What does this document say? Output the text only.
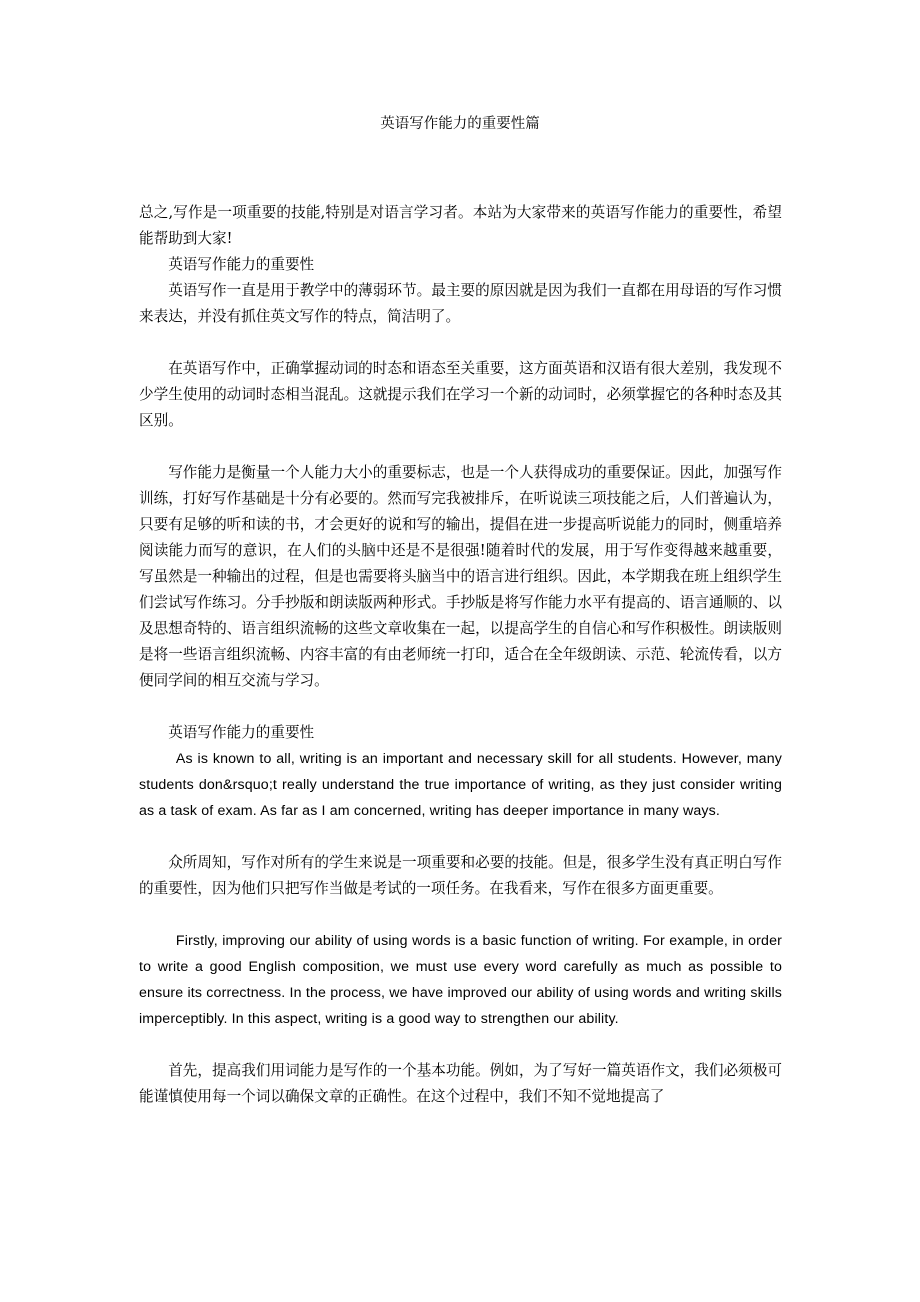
英语写作能力的重要性篇

总之,写作是一项重要的技能,特别是对语言学习者。本站为大家带来的英语写作能力的重要性，希望能帮助到大家!

英语写作能力的重要性

英语写作一直是用于教学中的薄弱环节。最主要的原因就是因为我们一直都在用母语的写作习惯来表达，并没有抓住英文写作的特点，简洁明了。

在英语写作中，正确掌握动词的时态和语态至关重要，这方面英语和汉语有很大差别，我发现不少学生使用的动词时态相当混乱。这就提示我们在学习一个新的动词时，必须掌握它的各种时态及其区别。

写作能力是衡量一个人能力大小的重要标志，也是一个人获得成功的重要保证。因此，加强写作训练，打好写作基础是十分有必要的。然而写完我被排斥，在听说读三项技能之后，人们普遍认为，只要有足够的听和读的书，才会更好的说和写的输出，提倡在进一步提高听说能力的同时，侧重培养阅读能力而写的意识，在人们的头脑中还是不是很强!随着时代的发展，用于写作变得越来越重要，写虽然是一种输出的过程，但是也需要将头脑当中的语言进行组织。因此，本学期我在班上组织学生们尝试写作练习。分手抄版和朗读版两种形式。手抄版是将写作能力水平有提高的、语言通顺的、以及思想奇特的、语言组织流畅的这些文章收集在一起，以提高学生的自信心和写作积极性。朗读版则是将一些语言组织流畅、内容丰富的有由老师统一打印，适合在全年级朗读、示范、轮流传看，以方便同学间的相互交流与学习。

英语写作能力的重要性

As is known to all, writing is an important and necessary skill for all students. However, many students don&rsquo;t really understand the true importance of writing, as they just consider writing as a task of exam. As far as I am concerned, writing has deeper importance in many ways.

众所周知，写作对所有的学生来说是一项重要和必要的技能。但是，很多学生没有真正明白写作的重要性，因为他们只把写作当做是考试的一项任务。在我看来，写作在很多方面更重要。

Firstly, improving our ability of using words is a basic function of writing. For example, in order to write a good English composition, we must use every word carefully as much as possible to ensure its correctness. In the process, we have improved our ability of using words and writing skills imperceptibly. In this aspect, writing is a good way to strengthen our ability.

首先，提高我们用词能力是写作的一个基本功能。例如，为了写好一篇英语作文，我们必须极可能谨慎使用每一个词以确保文章的正确性。在这个过程中，我们不知不觉地提高了
